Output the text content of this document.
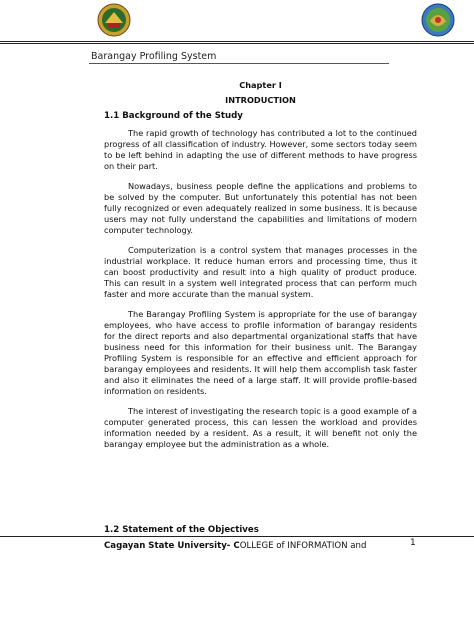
Barangay Profiling System
Chapter I
INTRODUCTION
1.1 Background of the Study

The rapid growth of technology has contributed a lot to the continued progress of all classification of industry. However, some sectors today seem to be left behind in adapting the use of different methods to have progress on their part.

Nowadays, business people define the applications and problems to be solved by the computer. But unfortunately this potential has not been fully recognized or even adequately realized in some business. It is because users may not fully understand the capabilities and limitations of modern computer technology.

Computerization is a control system that manages processes in the industrial workplace. It reduce human errors and processing time, thus it can boost productivity and result into a high quality of product produce. This can result in a system well integrated process that can perform much faster and more accurate than the manual system.

The Barangay Profiling System is appropriate for the use of barangay employees, who have access to profile information of barangay residents for the direct reports and also departmental organizational staffs that have business need for this information for their business unit. The Barangay Profiling System is responsible for an effective and efficient approach for barangay employees and residents. It will help them accomplish task faster and also it eliminates the need of a large staff. It will provide profile-based information on residents.

The interest of investigating the research topic is a good example of a computer generated process, this can lessen the workload and provides information needed by a resident. As a result, it will benefit not only the barangay employee but the administration as a whole.

1.2 Statement of the Objectives
Cagayan State University- COLLEGE of INFORMATION and	1
